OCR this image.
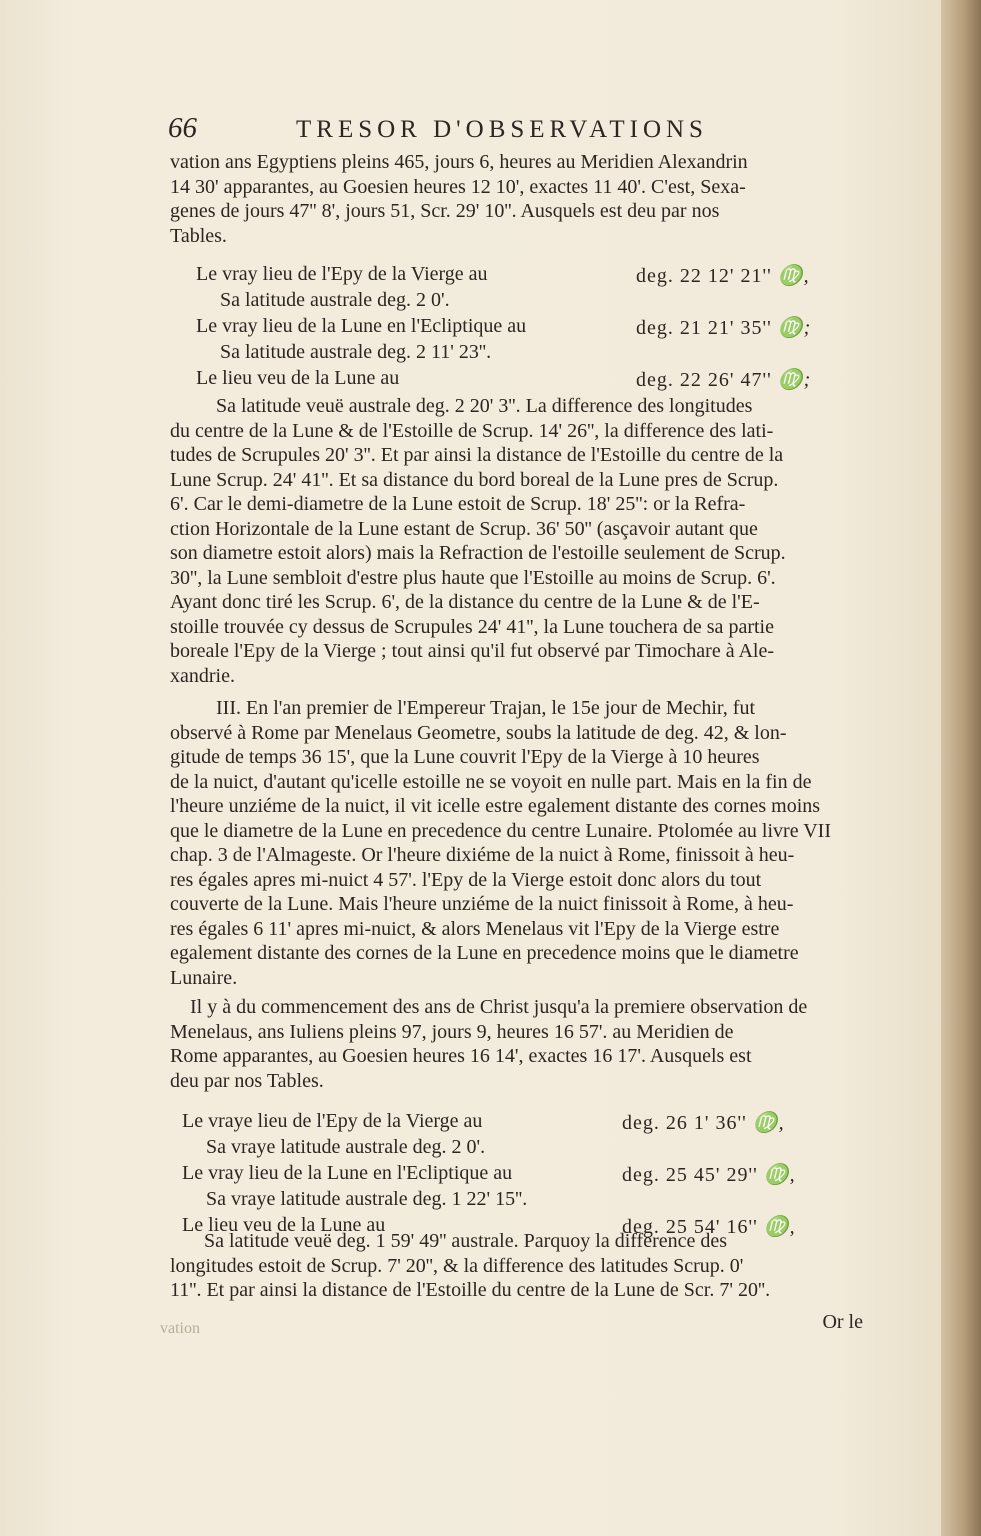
66	TRESOR D'OBSERVATIONS
vation ans Egyptiens pleins 465, jours 6, heures au Meridien Alexandrin
14 30' apparantes, au Goesien heures 12 10', exactes 11 40'. C'est, Sexa-
genes de jours 47'' 8', jours 51, Scr. 29' 10''. Ausquels est deu par nos
Tables.
Le vray lieu de l'Epy de la Vierge au	deg. 22 12' 21'' ♍,
Sa latitude australe deg. 2 0'.
Le vray lieu de la Lune en l'Ecliptique au	deg. 21 21' 35'' ♍;
Sa latitude australe deg. 2 11' 23''.
Le lieu veu de la Lune au	deg. 22 26' 47'' ♍;
Sa latitude veuë australe deg. 2 20' 3''. La difference des longitudes
du centre de la Lune & de l'Estoille de Scrup. 14' 26'', la difference des lati-
tudes de Scrupules 20' 3''. Et par ainsi la distance de l'Estoille du centre de la
Lune Scrup. 24' 41''. Et sa distance du bord boreal de la Lune pres de Scrup.
6'. Car le demi-diametre de la Lune estoit de Scrup. 18' 25'': or la Refra-
ction Horizontale de la Lune estant de Scrup. 36' 50'' (asçavoir autant que
son diametre estoit alors) mais la Refraction de l'estoille seulement de Scrup.
30'', la Lune sembloit d'estre plus haute que l'Estoille au moins de Scrup. 6'.
Ayant donc tiré les Scrup. 6', de la distance du centre de la Lune & de l'E-
stoille trouvée cy dessus de Scrupules 24' 41'', la Lune touchera de sa partie
boreale l'Epy de la Vierge ; tout ainsi qu'il fut observé par Timochare à Ale-
xandrie.
III. En l'an premier de l'Empereur Trajan, le 15e jour de Mechir, fut
observé à Rome par Menelaus Geometre, soubs la latitude de deg. 42, & lon-
gitude de temps 36 15', que la Lune couvrit l'Epy de la Vierge à 10 heures
de la nuict, d'autant qu'icelle estoille ne se voyoit en nulle part. Mais en la fin de
l'heure unziéme de la nuict, il vit icelle estre egalement distante des cornes moins
que le diametre de la Lune en precedence du centre Lunaire. Ptolomée au livre VII
chap. 3 de l'Almageste. Or l'heure dixiéme de la nuict à Rome, finissoit à heu-
res égales apres mi-nuict 4 57'. l'Epy de la Vierge estoit donc alors du tout
couverte de la Lune. Mais l'heure unziéme de la nuict finissoit à Rome, à heu-
res égales 6 11' apres mi-nuict, & alors Menelaus vit l'Epy de la Vierge estre
egalement distante des cornes de la Lune en precedence moins que le diametre
Lunaire.
Il y à du commencement des ans de Christ jusqu'a la premiere observation de
Menelaus, ans Iuliens pleins 97, jours 9, heures 16 57'. au Meridien de
Rome apparantes, au Goesien heures 16 14', exactes 16 17'. Ausquels est
deu par nos Tables.
Le vraye lieu de l'Epy de la Vierge au	deg. 26 1' 36'' ♍,
Sa vraye latitude australe deg. 2 0'.
Le vray lieu de la Lune en l'Ecliptique au	deg. 25 45' 29'' ♍,
Sa vraye latitude australe deg. 1 22' 15''.
Le lieu veu de la Lune au	deg. 25 54' 16'' ♍,
Sa latitude veuë deg. 1 59' 49'' australe. Parquoy la difference des
longitudes estoit de Scrup. 7' 20'', & la difference des latitudes Scrup. 0'
11''. Et par ainsi la distance de l'Estoille du centre de la Lune de Scr. 7' 20''.
Or le
vation
